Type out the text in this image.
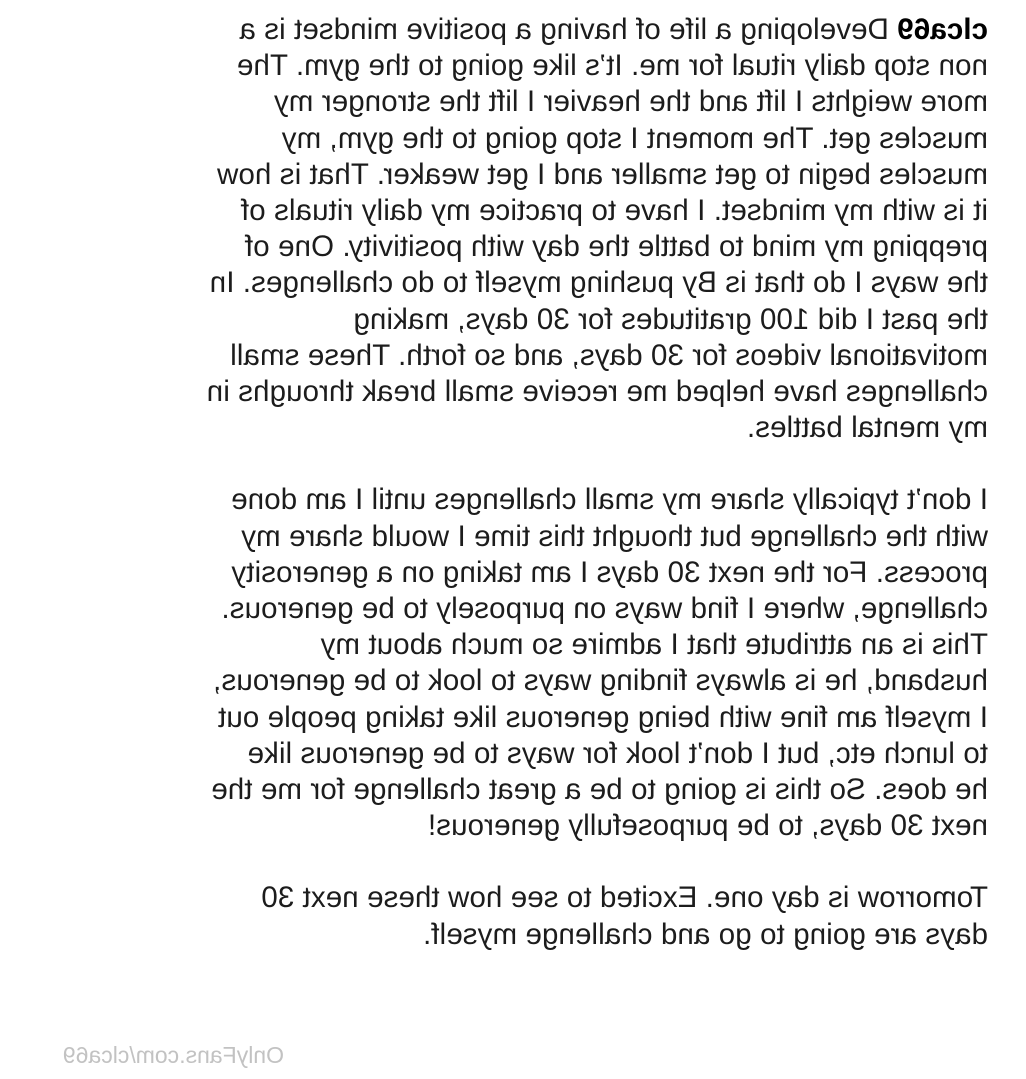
clca69 Developing a life of having a positive mindset is a
non stop daily ritual for me. It’s like going to the gym. The
more weights I lift and the heavier I lift the stronger my
muscles get. The moment I stop going to the gym, my
muscles begin to get smaller and I get weaker. That is how
it is with my mindset. I have to practice my daily rituals of
prepping my mind to battle the day with positivity. One of
the ways I do that is By pushing myself to do challenges. In
the past I did 100 gratitudes for 30 days, making
motivational videos for 30 days, and so forth. These small
challenges have helped me receive small break throughs in
my mental battles.

I don’t typically share my small challenges until I am done
with the challenge but thought this time I would share my
process. For the next 30 days I am taking on a generosity
challenge, where I find ways on purposely to be generous.
This is an attribute that I admire so much about my
husband, he is always finding ways to look to be generous,
I myself am fine with being generous like taking people out
to lunch etc, but I don’t look for ways to be generous like
he does. So this is going to be a great challenge for me the
next 30 days, to be purposefully generous!

Tomorrow is day one. Excited to see how these next 30
days are going to go and challenge myself.

OnlyFans.com/clca69
